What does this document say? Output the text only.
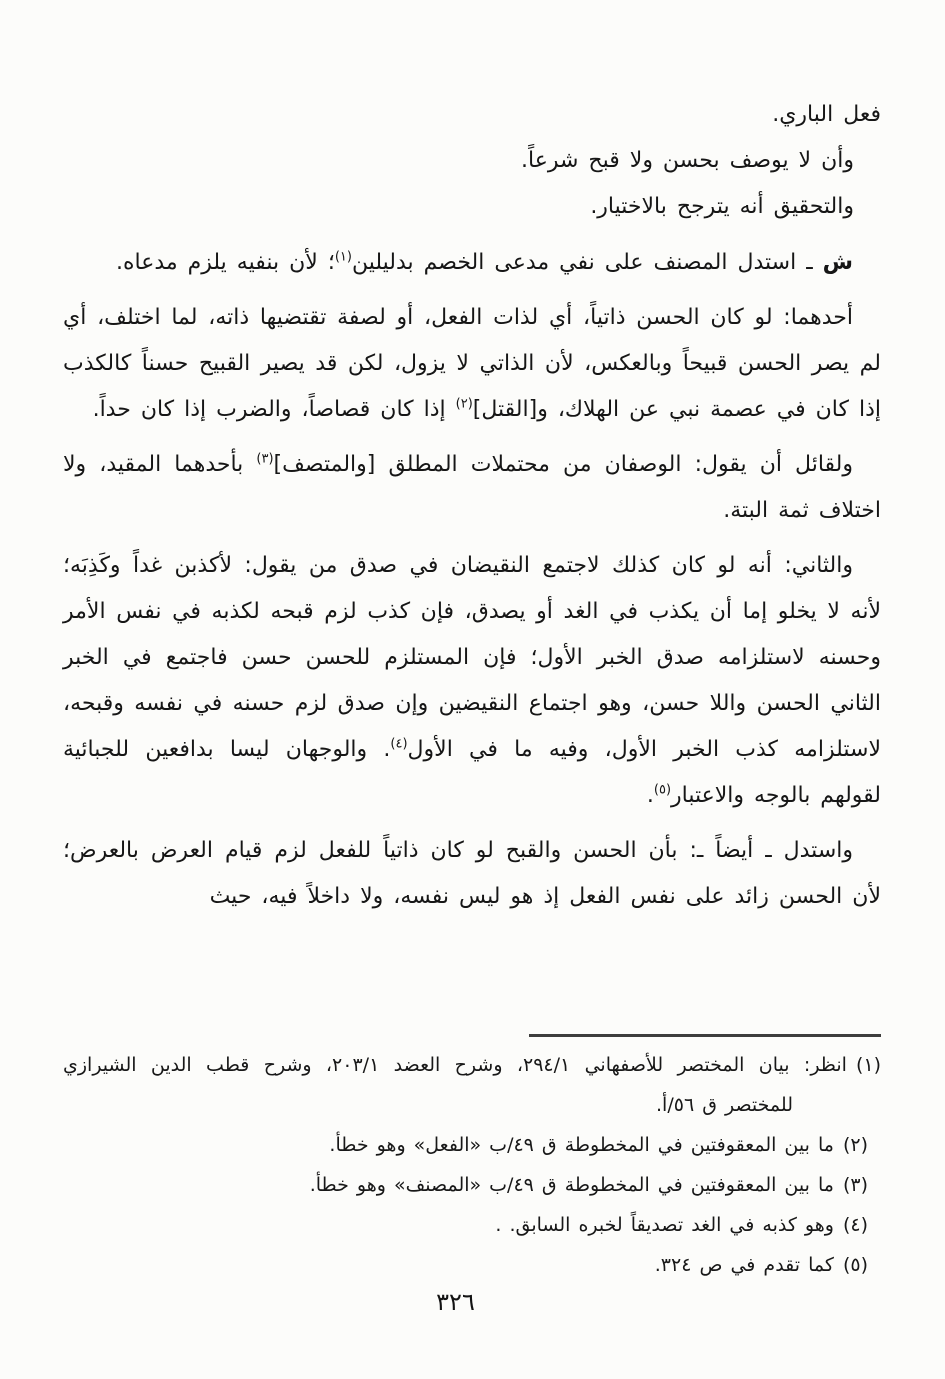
فعل الباري.
وأن لا يوصف بحسن ولا قبح شرعاً.
والتحقيق أنه يترجح بالاختيار.

ش ـ استدل المصنف على نفي مدعى الخصم بدليلين$^{(١)}$؛ لأن بنفيه يلزم مدعاه.

أحدهما: لو كان الحسن ذاتياً، أي لذات الفعل، أو لصفة تقتضيها ذاته، لما اختلف، أي لم يصر الحسن قبيحاً وبالعكس، لأن الذاتي لا يزول، لكن قد يصير القبيح حسناً كالكذب إذا كان في عصمة نبي عن الهلاك، و[القتل]$^{(٢)}$ إذا كان قصاصاً، والضرب إذا كان حداً.

ولقائل أن يقول: الوصفان من محتملات المطلق [والمتصف]$^{(٣)}$ بأحدهما المقيد، ولا اختلاف ثمة البتة.

والثاني: أنه لو كان كذلك لاجتمع النقيضان في صدق من يقول: لأكذبن غداً وكَذِبَه؛ لأنه لا يخلو إما أن يكذب في الغد أو يصدق، فإن كذب لزم قبحه لكذبه في نفس الأمر وحسنه لاستلزامه صدق الخبر الأول؛ فإن المستلزم للحسن حسن فاجتمع في الخبر الثاني الحسن واللا حسن، وهو اجتماع النقيضين وإن صدق لزم حسنه في نفسه وقبحه، لاستلزامه كذب الخبر الأول، وفيه ما في الأول$^{(٤)}$. والوجهان ليسا بدافعين للجبائية لقولهم بالوجه والاعتبار$^{(٥)}$.

واستدل ـ أيضاً ـ: بأن الحسن والقبح لو كان ذاتياً للفعل لزم قيام العرض بالعرض؛ لأن الحسن زائد على نفس الفعل إذ هو ليس نفسه، ولا داخلاً فيه، حيث

(١)انظر: بيان المختصر للأصفهاني ٢٩٤/١، وشرح العضد ٢٠٣/١، وشرح قطب الدين الشيرازي
للمختصر ق ٥٦/أ.
(٢)ما بين المعقوفتين في المخطوطة ق ٤٩/ب «الفعل» وهو خطأ.
(٣)ما بين المعقوفتين في المخطوطة ق ٤٩/ب «المصنف» وهو خطأ.
(٤)وهو كذبه في الغد تصديقاً لخبره السابق. .
(٥)كما تقدم في ص ٣٢٤.
٣٢٦
